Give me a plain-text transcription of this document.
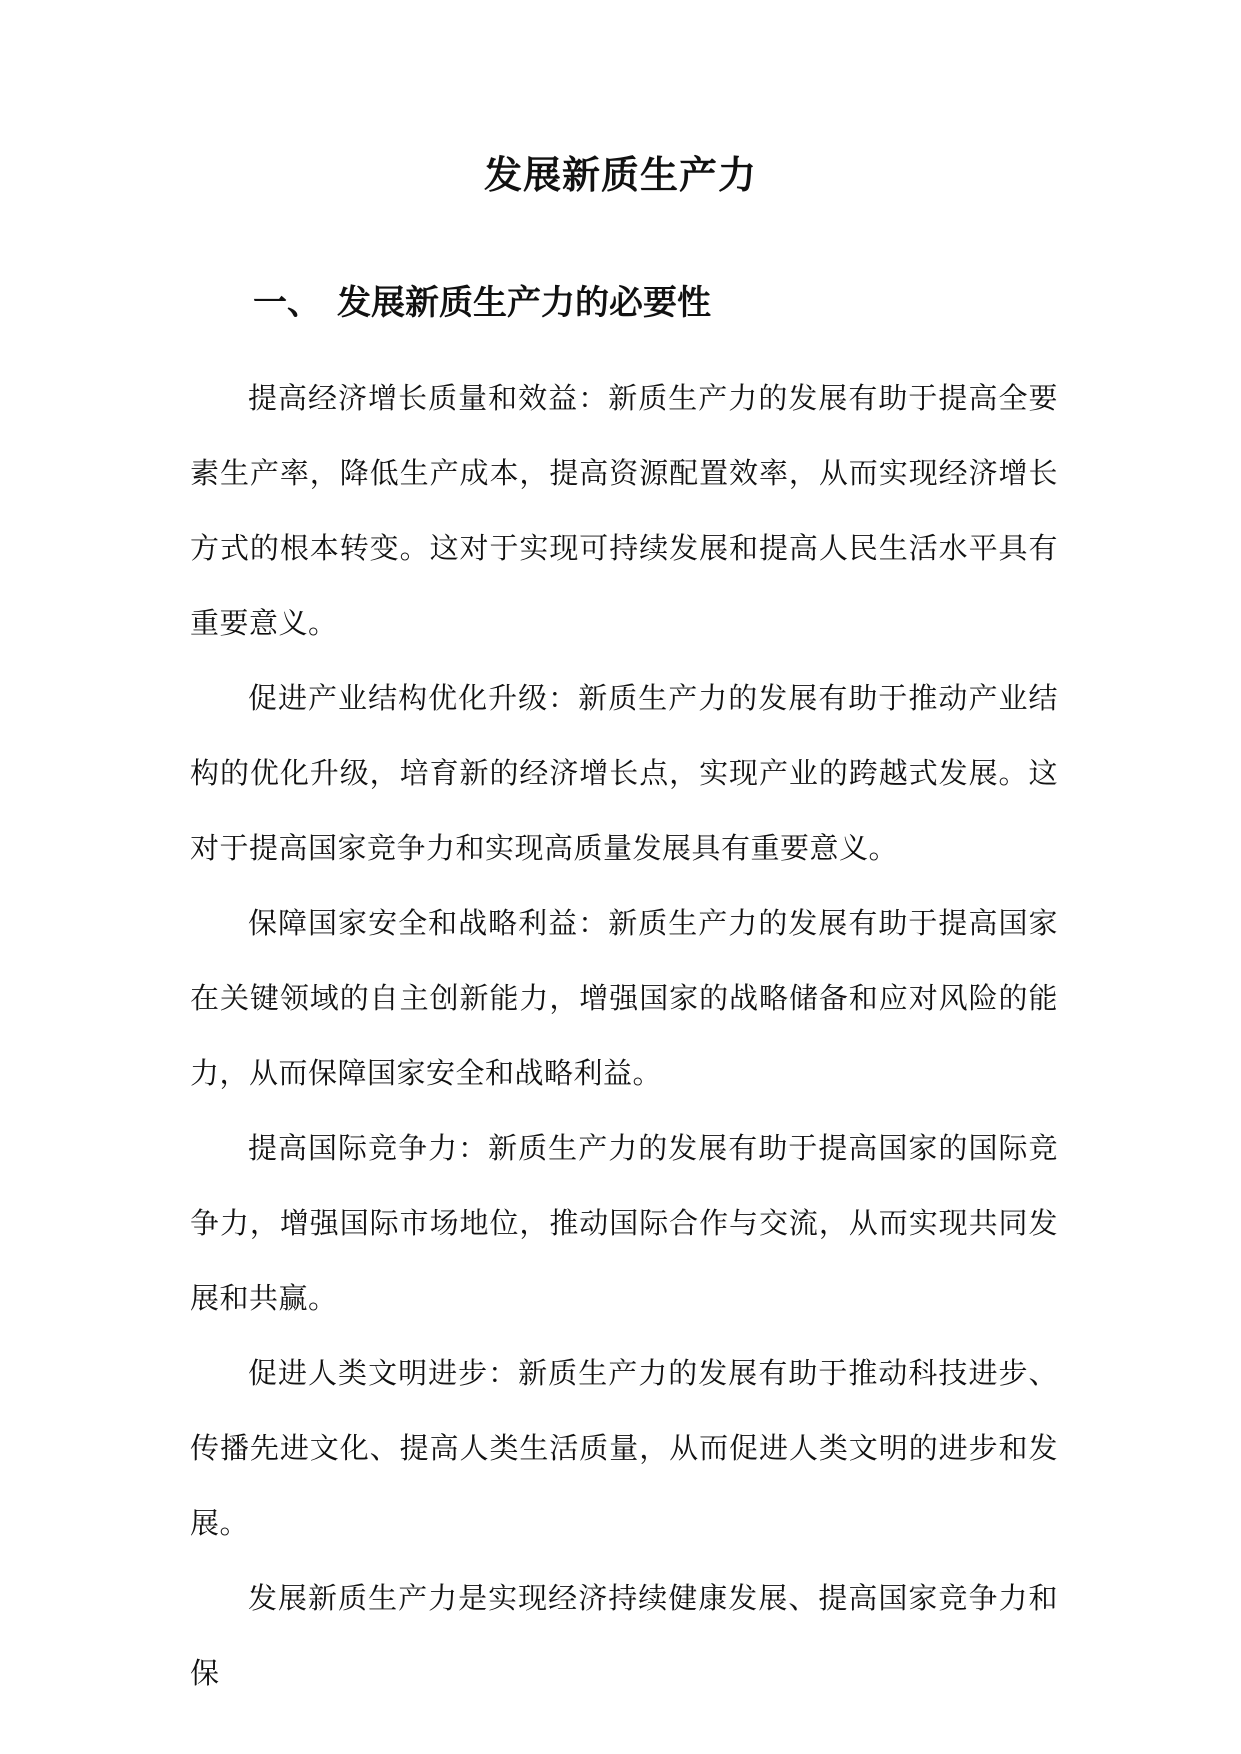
发展新质生产力
一、 发展新质生产力的必要性

提高经济增长质量和效益：新质生产力的发展有助于提高全要素生产率，降低生产成本，提高资源配置效率，从而实现经济增长方式的根本转变。这对于实现可持续发展和提高人民生活水平具有重要意义。

促进产业结构优化升级：新质生产力的发展有助于推动产业结构的优化升级，培育新的经济增长点，实现产业的跨越式发展。这对于提高国家竞争力和实现高质量发展具有重要意义。

保障国家安全和战略利益：新质生产力的发展有助于提高国家在关键领域的自主创新能力，增强国家的战略储备和应对风险的能力，从而保障国家安全和战略利益。

提高国际竞争力：新质生产力的发展有助于提高国家的国际竞争力，增强国际市场地位，推动国际合作与交流，从而实现共同发展和共赢。

促进人类文明进步：新质生产力的发展有助于推动科技进步、传播先进文化、提高人类生活质量，从而促进人类文明的进步和发展。

发展新质生产力是实现经济持续健康发展、提高国家竞争力和保
